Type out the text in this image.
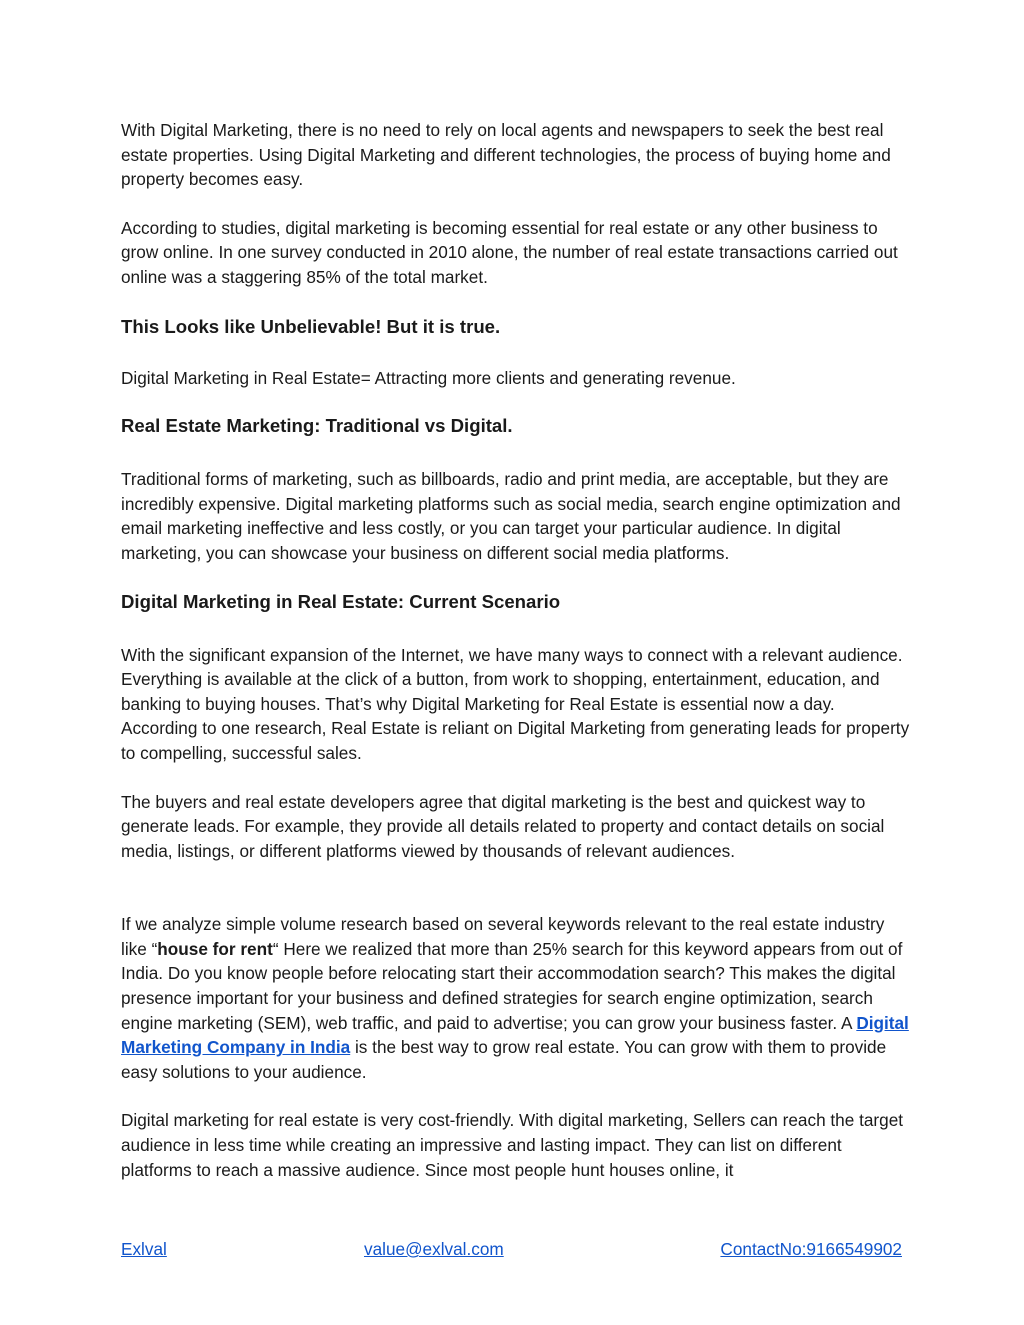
With Digital Marketing, there is no need to rely on local agents and newspapers to seek the best real estate properties. Using Digital Marketing and different technologies, the process of buying home and property becomes easy.

According to studies, digital marketing is becoming essential for real estate or any other business to grow online. In one survey conducted in 2010 alone, the number of real estate transactions carried out online was a staggering 85% of the total market.

This Looks like Unbelievable! But it is true.

Digital Marketing in Real Estate= Attracting more clients and generating revenue.

Real Estate Marketing: Traditional vs Digital.

Traditional forms of marketing, such as billboards, radio and print media, are acceptable, but they are incredibly expensive. Digital marketing platforms such as social media, search engine optimization and email marketing ineffective and less costly, or you can target your particular audience. In digital marketing, you can showcase your business on different social media platforms.

Digital Marketing in Real Estate: Current Scenario

With the significant expansion of the Internet, we have many ways to connect with a relevant audience. Everything is available at the click of a button, from work to shopping, entertainment, education, and banking to buying houses. That’s why Digital Marketing for Real Estate is essential now a day. According to one research, Real Estate is reliant on Digital Marketing from generating leads for property to compelling, successful sales.

The buyers and real estate developers agree that digital marketing is the best and quickest way to generate leads. For example, they provide all details related to property and contact details on social media, listings, or different platforms viewed by thousands of relevant audiences.

If we analyze simple volume research based on several keywords relevant to the real estate industry like “house for rent“ Here we realized that more than 25% search for this keyword appears from out of India. Do you know people before relocating start their accommodation search? This makes the digital presence important for your business and defined strategies for search engine optimization, search engine marketing (SEM), web traffic, and paid to advertise; you can grow your business faster. A Digital Marketing Company in India is the best way to grow real estate. You can grow with them to provide easy solutions to your audience.

Digital marketing for real estate is very cost-friendly. With digital marketing, Sellers can reach the target audience in less time while creating an impressive and lasting impact. They can list on different platforms to reach a massive audience. Since most people hunt houses online, it

Exlval	value@exlval.com	ContactNo:9166549902
